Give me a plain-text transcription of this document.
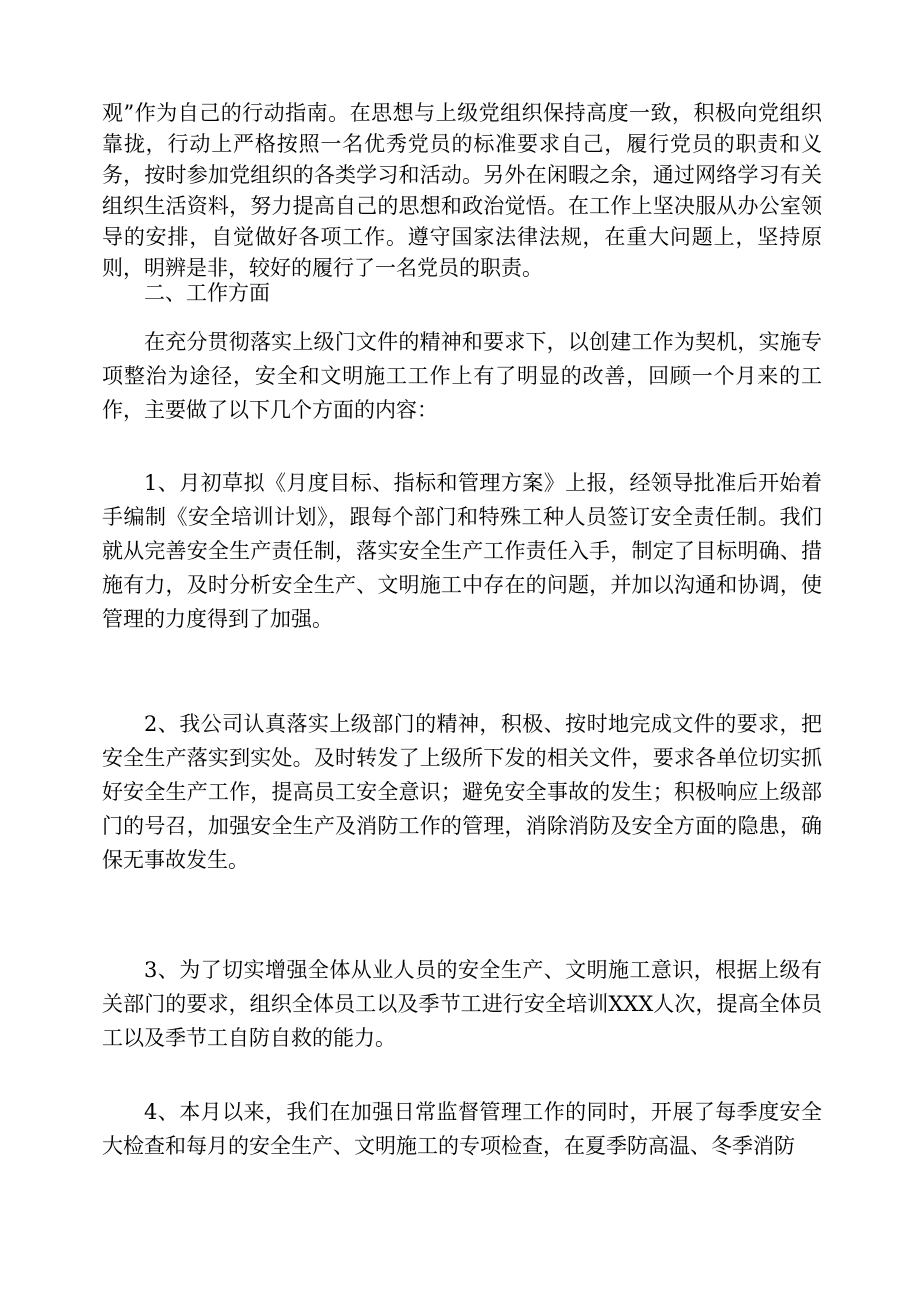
观”作为自己的行动指南。在思想与上级党组织保持高度一致，积极向党组织靠拢，行动上严格按照一名优秀党员的标准要求自己，履行党员的职责和义务，按时参加党组织的各类学习和活动。另外在闲暇之余，通过网络学习有关组织生活资料，努力提高自己的思想和政治觉悟。在工作上坚决服从办公室领导的安排，自觉做好各项工作。遵守国家法律法规，在重大问题上，坚持原则，明辨是非，较好的履行了一名党员的职责。

二、工作方面

在充分贯彻落实上级门文件的精神和要求下，以创建工作为契机，实施专项整治为途径，安全和文明施工工作上有了明显的改善，回顾一个月来的工作，主要做了以下几个方面的内容：

1、月初草拟《月度目标、指标和管理方案》上报，经领导批准后开始着手编制《安全培训计划》，跟每个部门和特殊工种人员签订安全责任制。我们就从完善安全生产责任制，落实安全生产工作责任入手，制定了目标明确、措施有力，及时分析安全生产、文明施工中存在的问题，并加以沟通和协调，使管理的力度得到了加强。

2、我公司认真落实上级部门的精神，积极、按时地完成文件的要求，把安全生产落实到实处。及时转发了上级所下发的相关文件，要求各单位切实抓好安全生产工作，提高员工安全意识；避免安全事故的发生；积极响应上级部门的号召，加强安全生产及消防工作的管理，消除消防及安全方面的隐患，确保无事故发生。

3、为了切实增强全体从业人员的安全生产、文明施工意识，根据上级有关部门的要求，组织全体员工以及季节工进行安全培训XXX人次，提高全体员工以及季节工自防自救的能力。

4、本月以来，我们在加强日常监督管理工作的同时，开展了每季度安全大检查和每月的安全生产、文明施工的专项检查，在夏季防高温、冬季消防
